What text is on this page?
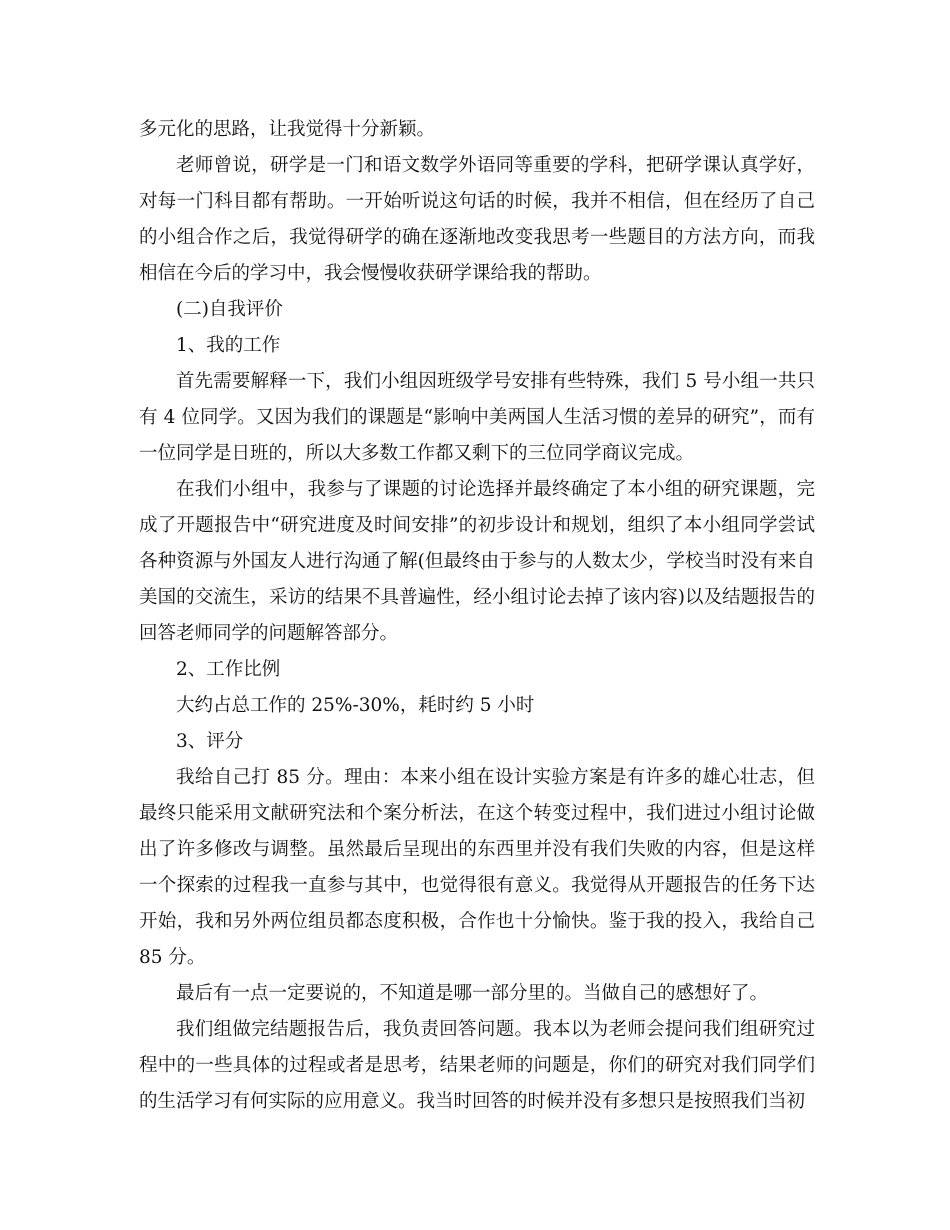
多元化的思路，让我觉得十分新颖。

老师曾说，研学是一门和语文数学外语同等重要的学科，把研学课认真学好，对每一门科目都有帮助。一开始听说这句话的时候，我并不相信，但在经历了自己的小组合作之后，我觉得研学的确在逐渐地改变我思考一些题目的方法方向，而我相信在今后的学习中，我会慢慢收获研学课给我的帮助。

(二)自我评价

1、我的工作

首先需要解释一下，我们小组因班级学号安排有些特殊，我们 5 号小组一共只有 4 位同学。又因为我们的课题是“影响中美两国人生活习惯的差异的研究”，而有一位同学是日班的，所以大多数工作都又剩下的三位同学商议完成。

在我们小组中，我参与了课题的讨论选择并最终确定了本小组的研究课题，完成了开题报告中“研究进度及时间安排”的初步设计和规划，组织了本小组同学尝试各种资源与外国友人进行沟通了解(但最终由于参与的人数太少，学校当时没有来自美国的交流生，采访的结果不具普遍性，经小组讨论去掉了该内容)以及结题报告的回答老师同学的问题解答部分。

2、工作比例

大约占总工作的 25%-30%，耗时约 5 小时

3、评分

我给自己打 85 分。理由：本来小组在设计实验方案是有许多的雄心壮志，但最终只能采用文献研究法和个案分析法，在这个转变过程中，我们进过小组讨论做出了许多修改与调整。虽然最后呈现出的东西里并没有我们失败的内容，但是这样一个探索的过程我一直参与其中，也觉得很有意义。我觉得从开题报告的任务下达开始，我和另外两位组员都态度积极，合作也十分愉快。鉴于我的投入，我给自己 85 分。

最后有一点一定要说的，不知道是哪一部分里的。当做自己的感想好了。

我们组做完结题报告后，我负责回答问题。我本以为老师会提问我们组研究过程中的一些具体的过程或者是思考，结果老师的问题是，你们的研究对我们同学们的生活学习有何实际的应用意义。我当时回答的时候并没有多想只是按照我们当初
